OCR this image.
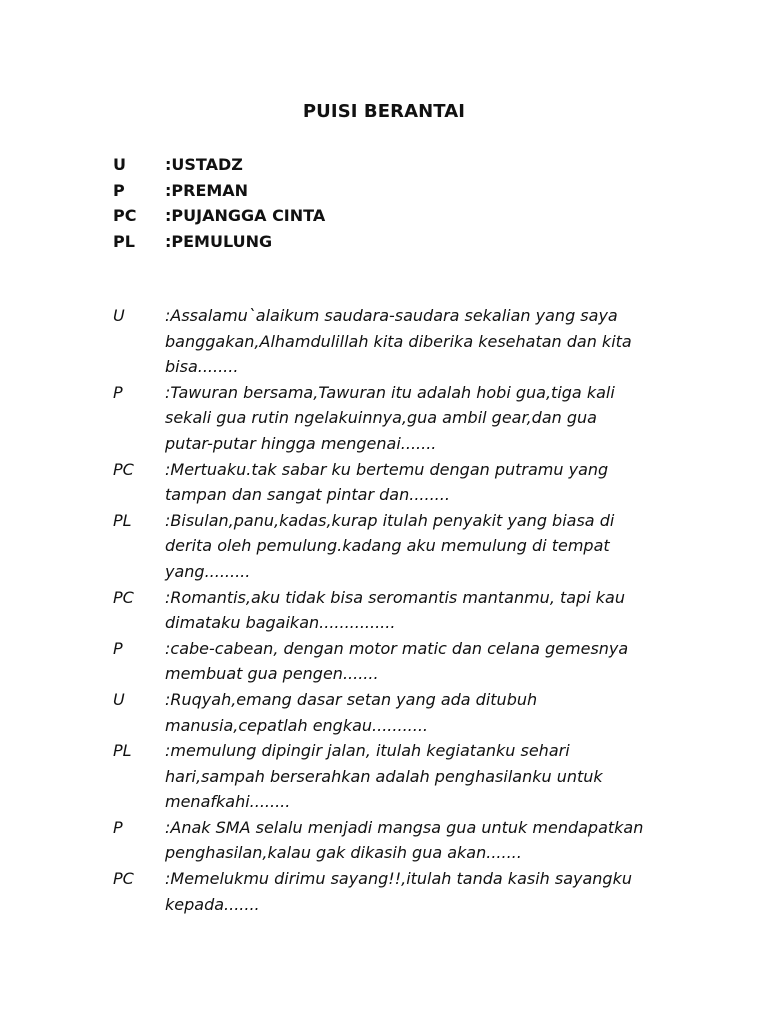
PUISI BERANTAI
U	:USTADZ
P	:PREMAN
PC	:PUJANGGA CINTA
PL	:PEMULUNG
U	:Assalamu`alaikum saudara-saudara sekalian yang saya
banggakan,Alhamdulillah kita diberika kesehatan dan kita
bisa........
P	:Tawuran bersama,Tawuran itu adalah hobi gua,tiga kali
sekali gua rutin ngelakuinnya,gua ambil gear,dan gua
putar-putar hingga mengenai.......
PC	:Mertuaku.tak sabar ku bertemu dengan putramu yang
tampan dan sangat pintar dan........
PL	:Bisulan,panu,kadas,kurap itulah penyakit yang biasa di
derita oleh pemulung.kadang aku memulung di tempat
yang.........
PC	:Romantis,aku tidak bisa seromantis mantanmu, tapi kau
dimataku bagaikan...............
P	:cabe-cabean, dengan motor matic dan celana gemesnya
membuat gua pengen.......
U	:Ruqyah,emang dasar setan yang ada ditubuh
manusia,cepatlah engkau...........
PL	:memulung dipingir jalan, itulah kegiatanku sehari
hari,sampah berserahkan adalah penghasilanku untuk
menafkahi........
P	:Anak SMA selalu menjadi mangsa gua untuk mendapatkan
penghasilan,kalau gak dikasih gua akan.......
PC	:Memelukmu dirimu sayang!!,itulah tanda kasih sayangku
kepada.......
